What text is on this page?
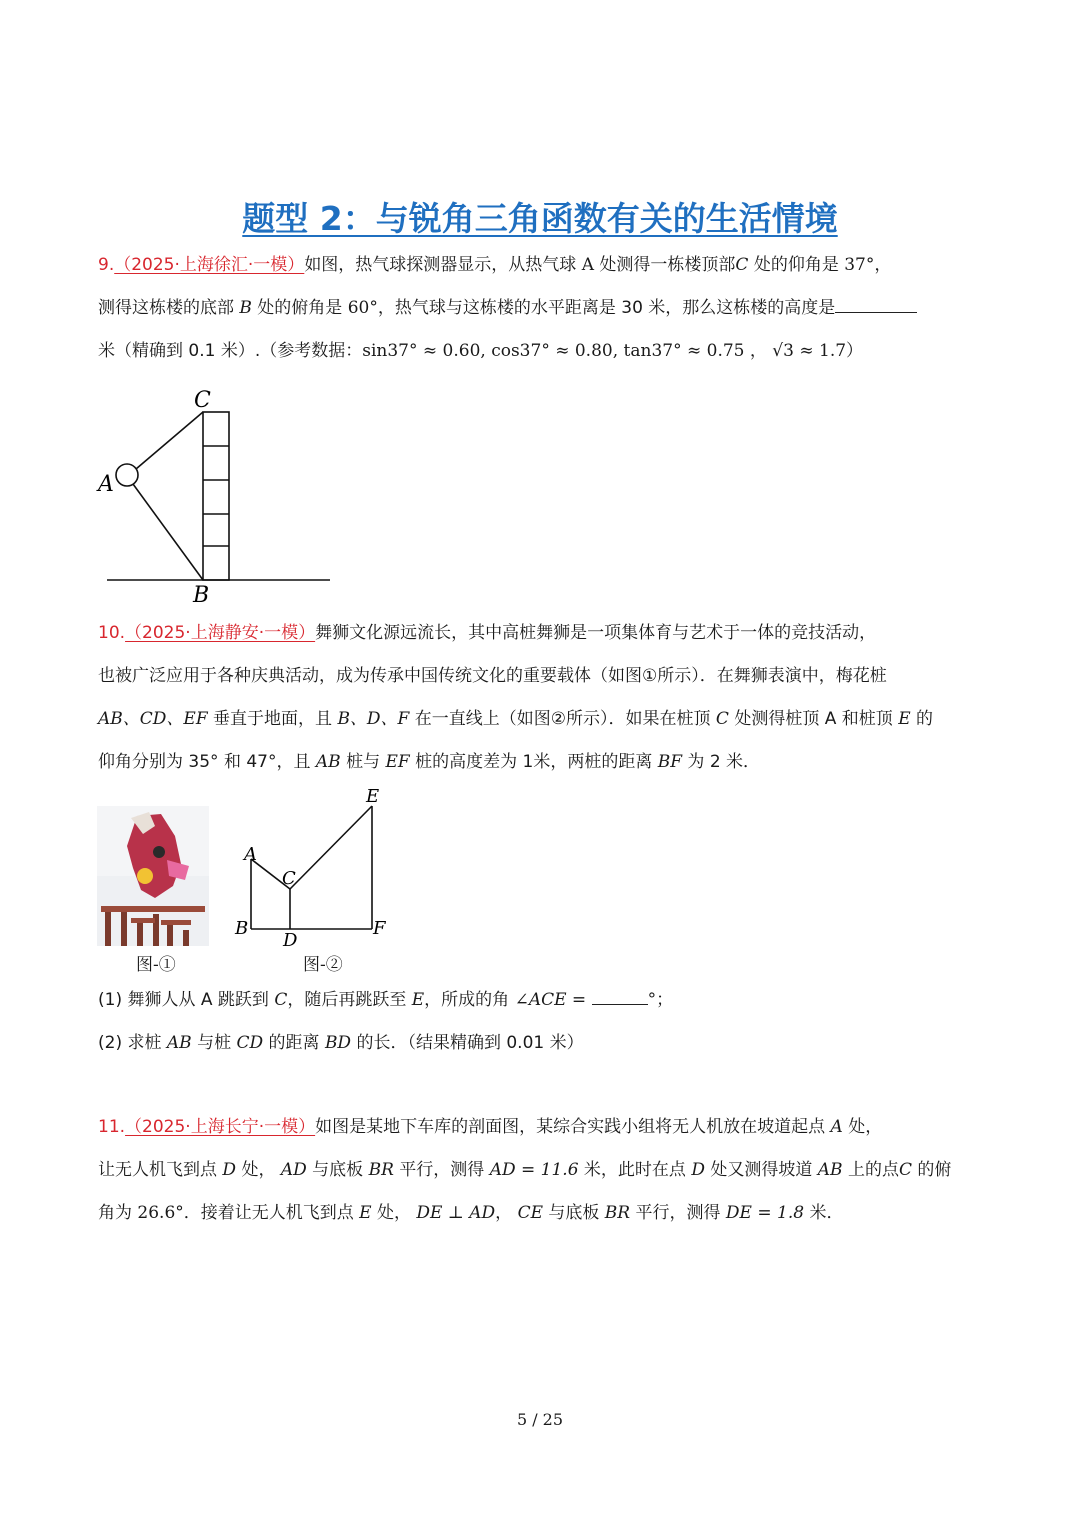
题型 2：与锐角三角函数有关的生活情境
9.（2025·上海徐汇·一模）如图，热气球探测器显示，从热气球 A 处测得一栋楼顶部C 处的仰角是 37°，
测得这栋楼的底部 B 处的俯角是 60°，热气球与这栋楼的水平距离是 30 米，那么这栋楼的高度是
米（精确到 0.1 米）.（参考数据：sin37° ≈ 0.60, cos37° ≈ 0.80, tan37° ≈ 0.75 ， √3 ≈ 1.7）
C
A
B
10.（2025·上海静安·一模）舞狮文化源远流长，其中高桩舞狮是一项集体育与艺术于一体的竞技活动，
也被广泛应用于各种庆典活动，成为传承中国传统文化的重要载体（如图①所示）．在舞狮表演中，梅花桩
AB、CD、EF 垂直于地面，且 B、D、F 在一直线上（如图②所示）．如果在桩顶 C 处测得桩顶 A 和桩顶 E 的
仰角分别为 35° 和 47°，且 AB 桩与 EF 桩的高度差为 1米，两桩的距离 BF 为 2 米．
图-①
E
A
C
B
D
F
图-②
(1) 舞狮人从 A 跳跃到 C，随后再跳跃至 E，所成的角 ∠ACE =	°；
(2) 求桩 AB 与桩 CD 的距离 BD 的长．（结果精确到 0.01 米）
11.（2025·上海长宁·一模）如图是某地下车库的剖面图，某综合实践小组将无人机放在坡道起点 A 处，
让无人机飞到点 D 处， AD 与底板 BR 平行，测得 AD = 11.6 米，此时在点 D 处又测得坡道 AB 上的点C 的俯
角为 26.6°．接着让无人机飞到点 E 处， DE ⊥ AD， CE 与底板 BR 平行，测得 DE = 1.8 米．
5 / 25
